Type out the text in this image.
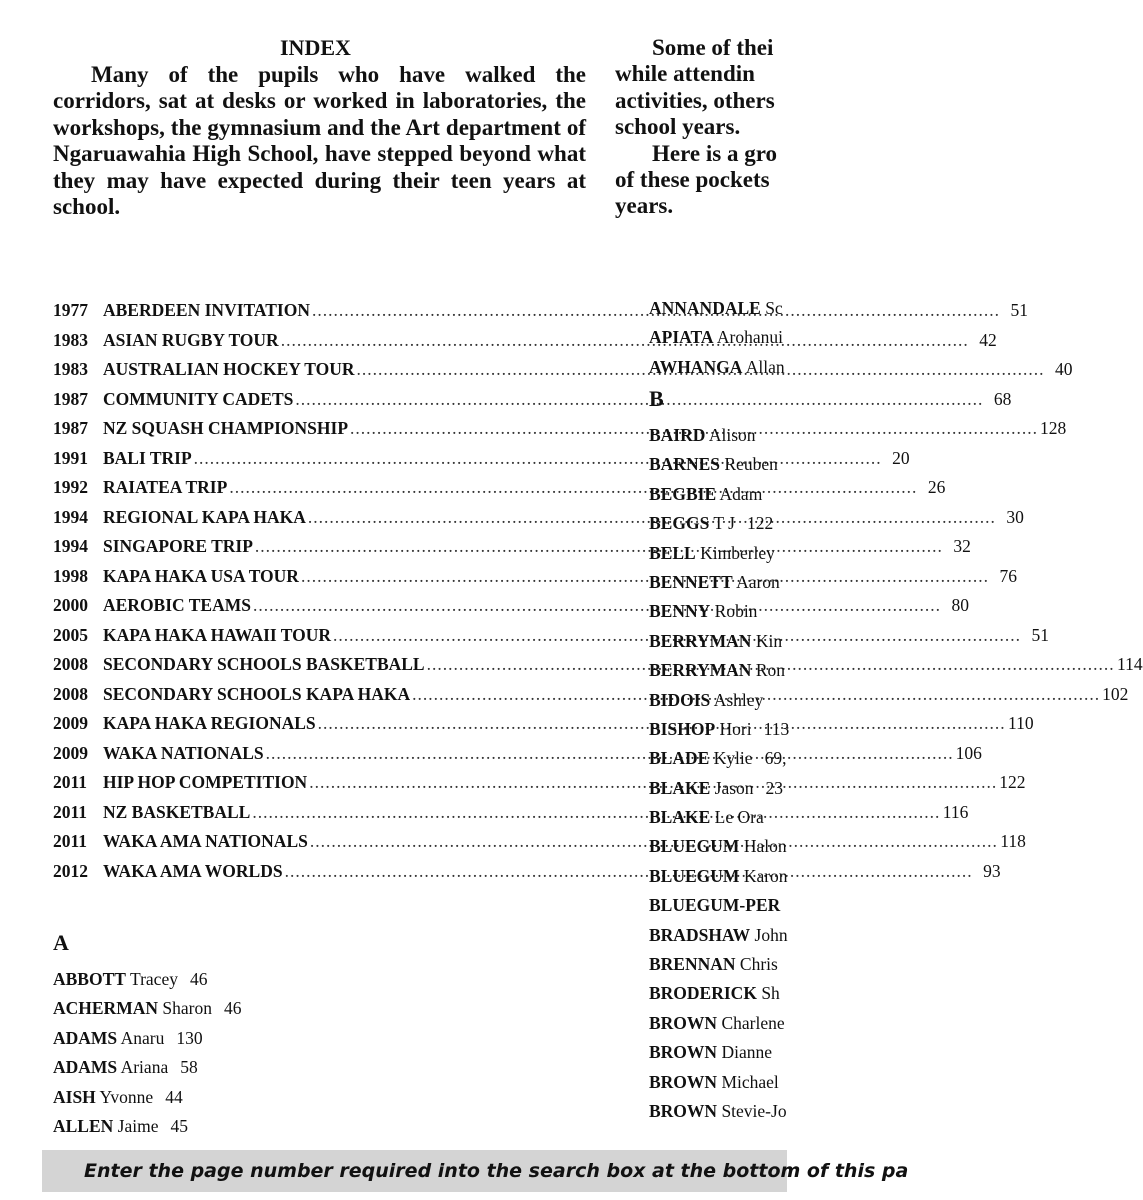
INDEX

Many of the pupils who have walked the corridors, sat at desks or worked in laboratories, the workshops, the gymnasium and the Art department of Ngaruawahia High School, have stepped beyond what they may have expected during their teen years at school.

Some of thei
while attendin
activities, others
school years.

Here is a gro
of these pockets
years.

1977 ABERDEEN INVITATION .....	51
1983 ASIAN RUGBY TOUR .....	42
1983 AUSTRALIAN HOCKEY TOUR .....	40
1987 COMMUNITY CADETS .....	68
1987 NZ SQUASH CHAMPIONSHIP .....	128
1991 BALI TRIP .....	20
1992 RAIATEA TRIP .....	26
1994 REGIONAL KAPA HAKA .....	30
1994 SINGAPORE TRIP .....	32
1998 KAPA HAKA USA TOUR .....	76
2000 AEROBIC TEAMS .....	80
2005 KAPA HAKA HAWAII TOUR .....	51
2008 SECONDARY SCHOOLS BASKETBALL .....	114
2008 SECONDARY SCHOOLS KAPA HAKA .....	102
2009 KAPA HAKA REGIONALS .....	110
2009 WAKA NATIONALS .....	106
2011 HIP HOP COMPETITION .....	122
2011 NZ BASKETBALL .....	116
2011 WAKA AMA NATIONALS .....	118
2012 WAKA AMA WORLDS .....	93
A
ABBOTT Tracey 46
ACHERMAN Sharon 46
ADAMS Anaru 130
ADAMS Ariana 58
AISH Yvonne 44
ALLEN Jaime 45
ANNANDALE Sc
APIATA Arohanui
AWHANGA Allan
B
BAIRD Alison
BARNES Reuben
BEGBIE Adam
BEGGS T J 122
BELL Kimberley
BENNETT Aaron
BENNY Robin
BERRYMAN Kin
BERRYMAN Ron
BIDOIS Ashley
BISHOP Hori 113
BLADE Kylie 69,
BLAKE Jason 23
BLAKE Le Ora
BLUEGUM Halon
BLUEGUM Karon
BLUEGUM-PER
BRADSHAW John
BRENNAN Chris
BRODERICK Sh
BROWN Charlene
BROWN Dianne
BROWN Michael
BROWN Stevie-Jo
Enter the page number required into the search box at the bottom of this pa
